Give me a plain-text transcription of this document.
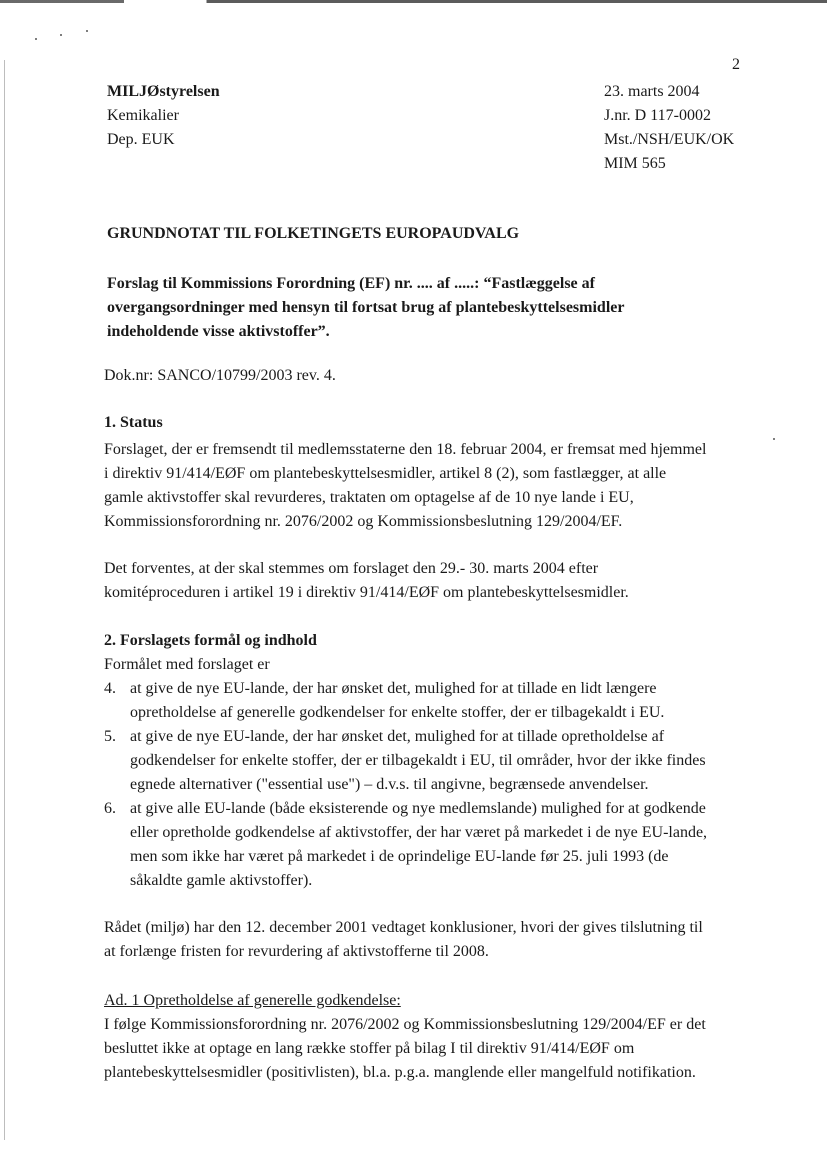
2
MILJØstyrelsen
Kemikalier
Dep. EUK
23. marts 2004
J.nr. D 117-0002
Mst./NSH/EUK/OK
MIM 565
GRUNDNOTAT TIL FOLKETINGETS EUROPAUDVALG
Forslag til Kommissions Forordning (EF) nr. .... af .....: “Fastlæggelse af
overgangsordninger med hensyn til fortsat brug af plantebeskyttelsesmidler
indeholdende visse aktivstoffer”.
Dok.nr: SANCO/10799/2003 rev. 4.
1. Status
Forslaget, der er fremsendt til medlemsstaterne den 18. februar 2004, er fremsat med hjemmel
i direktiv 91/414/EØF om plantebeskyttelsesmidler, artikel 8 (2), som fastlægger, at alle
gamle aktivstoffer skal revurderes, traktaten om optagelse af de 10 nye lande i EU,
Kommissionsforordning nr. 2076/2002 og Kommissionsbeslutning 129/2004/EF.
Det forventes, at der skal stemmes om forslaget den 29.- 30. marts 2004 efter
komitéproceduren i artikel 19 i direktiv 91/414/EØF om plantebeskyttelsesmidler.
2. Forslagets formål og indhold
Formålet med forslaget er
4. at give de nye EU-lande, der har ønsket det, mulighed for at tillade en lidt længere
opretholdelse af generelle godkendelser for enkelte stoffer, der er tilbagekaldt i EU.
5. at give de nye EU-lande, der har ønsket det, mulighed for at tillade opretholdelse af
godkendelser for enkelte stoffer, der er tilbagekaldt i EU, til områder, hvor der ikke findes
egnede alternativer ("essential use") – d.v.s. til angivne, begrænsede anvendelser.
6. at give alle EU-lande (både eksisterende og nye medlemslande) mulighed for at godkende
eller opretholde godkendelse af aktivstoffer, der har været på markedet i de nye EU-lande,
men som ikke har været på markedet i de oprindelige EU-lande før 25. juli 1993 (de
såkaldte gamle aktivstoffer).
Rådet (miljø) har den 12. december 2001 vedtaget konklusioner, hvori der gives tilslutning til
at forlænge fristen for revurdering af aktivstofferne til 2008.
Ad. 1 Opretholdelse af generelle godkendelse:
I følge Kommissionsforordning nr. 2076/2002 og Kommissionsbeslutning 129/2004/EF er det
besluttet ikke at optage en lang række stoffer på bilag I til direktiv 91/414/EØF om
plantebeskyttelsesmidler (positivlisten), bl.a. p.g.a. manglende eller mangelfuld notifikation.
